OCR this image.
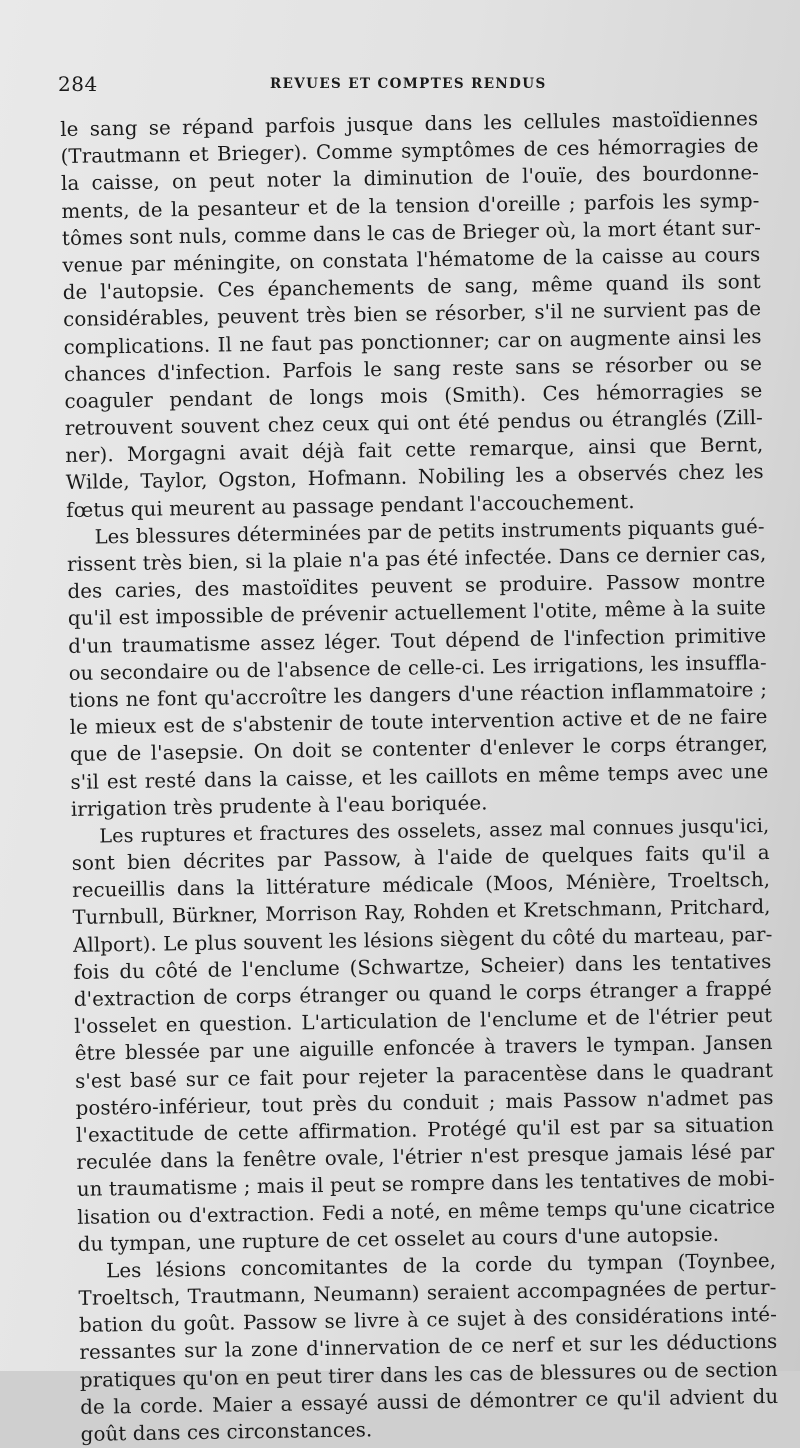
284	REVUES ET COMPTES RENDUS
le sang se répand parfois jusque dans les cellules mastoïdiennes
(Trautmann et Brieger). Comme symptômes de ces hémorragies de
la caisse, on peut noter la diminution de l'ouïe, des bourdonne-
ments, de la pesanteur et de la tension d'oreille ; parfois les symp-
tômes sont nuls, comme dans le cas de Brieger où, la mort étant sur-
venue par méningite, on constata l'hématome de la caisse au cours
de l'autopsie. Ces épanchements de sang, même quand ils sont
considérables, peuvent très bien se résorber, s'il ne survient pas de
complications. Il ne faut pas ponctionner; car on augmente ainsi les
chances d'infection. Parfois le sang reste sans se résorber ou se
coaguler pendant de longs mois (Smith). Ces hémorragies se
retrouvent souvent chez ceux qui ont été pendus ou étranglés (Zill-
ner). Morgagni avait déjà fait cette remarque, ainsi que Bernt,
Wilde, Taylor, Ogston, Hofmann. Nobiling les a observés chez les
fœtus qui meurent au passage pendant l'accouchement.
Les blessures déterminées par de petits instruments piquants gué-
rissent très bien, si la plaie n'a pas été infectée. Dans ce dernier cas,
des caries, des mastoïdites peuvent se produire. Passow montre
qu'il est impossible de prévenir actuellement l'otite, même à la suite
d'un traumatisme assez léger. Tout dépend de l'infection primitive
ou secondaire ou de l'absence de celle-ci. Les irrigations, les insuffla-
tions ne font qu'accroître les dangers d'une réaction inflammatoire ;
le mieux est de s'abstenir de toute intervention active et de ne faire
que de l'asepsie. On doit se contenter d'enlever le corps étranger,
s'il est resté dans la caisse, et les caillots en même temps avec une
irrigation très prudente à l'eau boriquée.
Les ruptures et fractures des osselets, assez mal connues jusqu'ici,
sont bien décrites par Passow, à l'aide de quelques faits qu'il a
recueillis dans la littérature médicale (Moos, Ménière, Troeltsch,
Turnbull, Bürkner, Morrison Ray, Rohden et Kretschmann, Pritchard,
Allport). Le plus souvent les lésions siègent du côté du marteau, par-
fois du côté de l'enclume (Schwartze, Scheier) dans les tentatives
d'extraction de corps étranger ou quand le corps étranger a frappé
l'osselet en question. L'articulation de l'enclume et de l'étrier peut
être blessée par une aiguille enfoncée à travers le tympan. Jansen
s'est basé sur ce fait pour rejeter la paracentèse dans le quadrant
postéro-inférieur, tout près du conduit ; mais Passow n'admet pas
l'exactitude de cette affirmation. Protégé qu'il est par sa situation
reculée dans la fenêtre ovale, l'étrier n'est presque jamais lésé par
un traumatisme ; mais il peut se rompre dans les tentatives de mobi-
lisation ou d'extraction. Fedi a noté, en même temps qu'une cicatrice
du tympan, une rupture de cet osselet au cours d'une autopsie.
Les lésions concomitantes de la corde du tympan (Toynbee,
Troeltsch, Trautmann, Neumann) seraient accompagnées de pertur-
bation du goût. Passow se livre à ce sujet à des considérations inté-
ressantes sur la zone d'innervation de ce nerf et sur les déductions
pratiques qu'on en peut tirer dans les cas de blessures ou de section
de la corde. Maier a essayé aussi de démontrer ce qu'il advient du
goût dans ces circonstances.
